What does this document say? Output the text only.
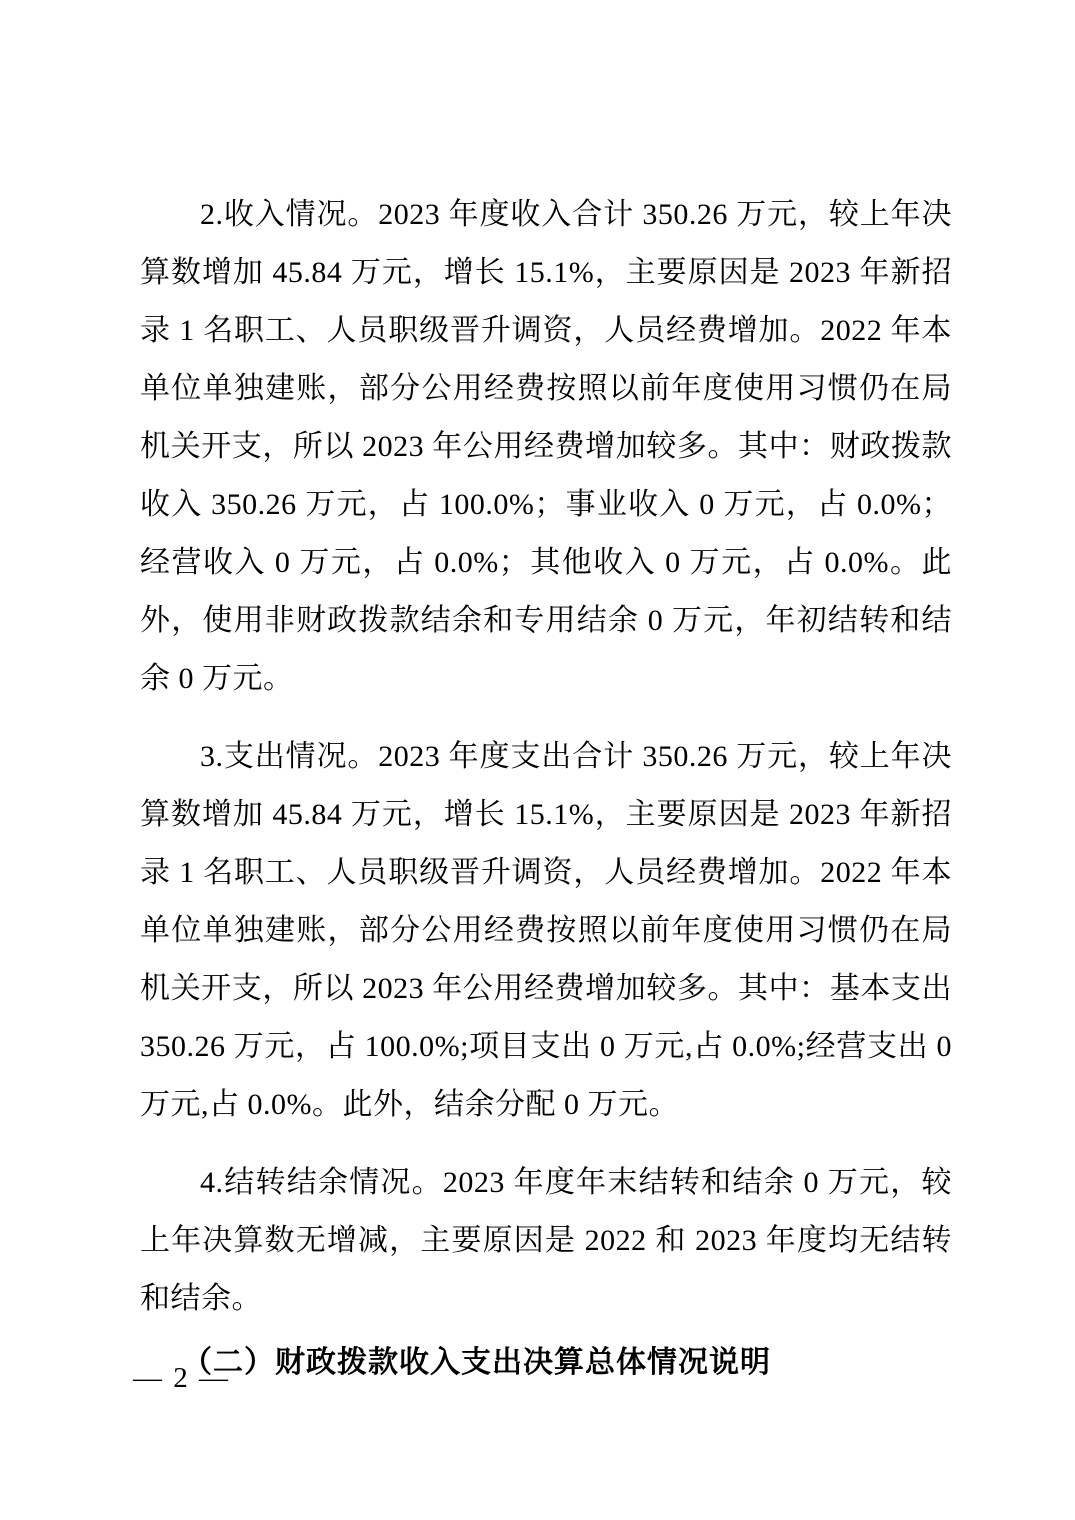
2.收入情况。2023 年度收入合计 350.26 万元，较上年决算数增加 45.84 万元，增长 15.1%，主要原因是 2023 年新招录 1 名职工、人员职级晋升调资，人员经费增加。2022 年本单位单独建账，部分公用经费按照以前年度使用习惯仍在局机关开支，所以 2023 年公用经费增加较多。其中：财政拨款收入 350.26 万元，占 100.0%；事业收入 0 万元，占 0.0%；经营收入 0 万元，占 0.0%；其他收入 0 万元，占 0.0%。此外，使用非财政拨款结余和专用结余 0 万元，年初结转和结余 0 万元。

3.支出情况。2023 年度支出合计 350.26 万元，较上年决算数增加 45.84 万元，增长 15.1%，主要原因是 2023 年新招录 1 名职工、人员职级晋升调资，人员经费增加。2022 年本单位单独建账，部分公用经费按照以前年度使用习惯仍在局机关开支，所以 2023 年公用经费增加较多。其中：基本支出 350.26 万元，占 100.0%;项目支出 0 万元,占 0.0%;经营支出 0 万元,占 0.0%。此外，结余分配 0 万元。

4.结转结余情况。2023 年度年末结转和结余 0 万元，较上年决算数无增减，主要原因是 2022 和 2023 年度均无结转和结余。

（二）财政拨款收入支出决算总体情况说明
— 2 —
